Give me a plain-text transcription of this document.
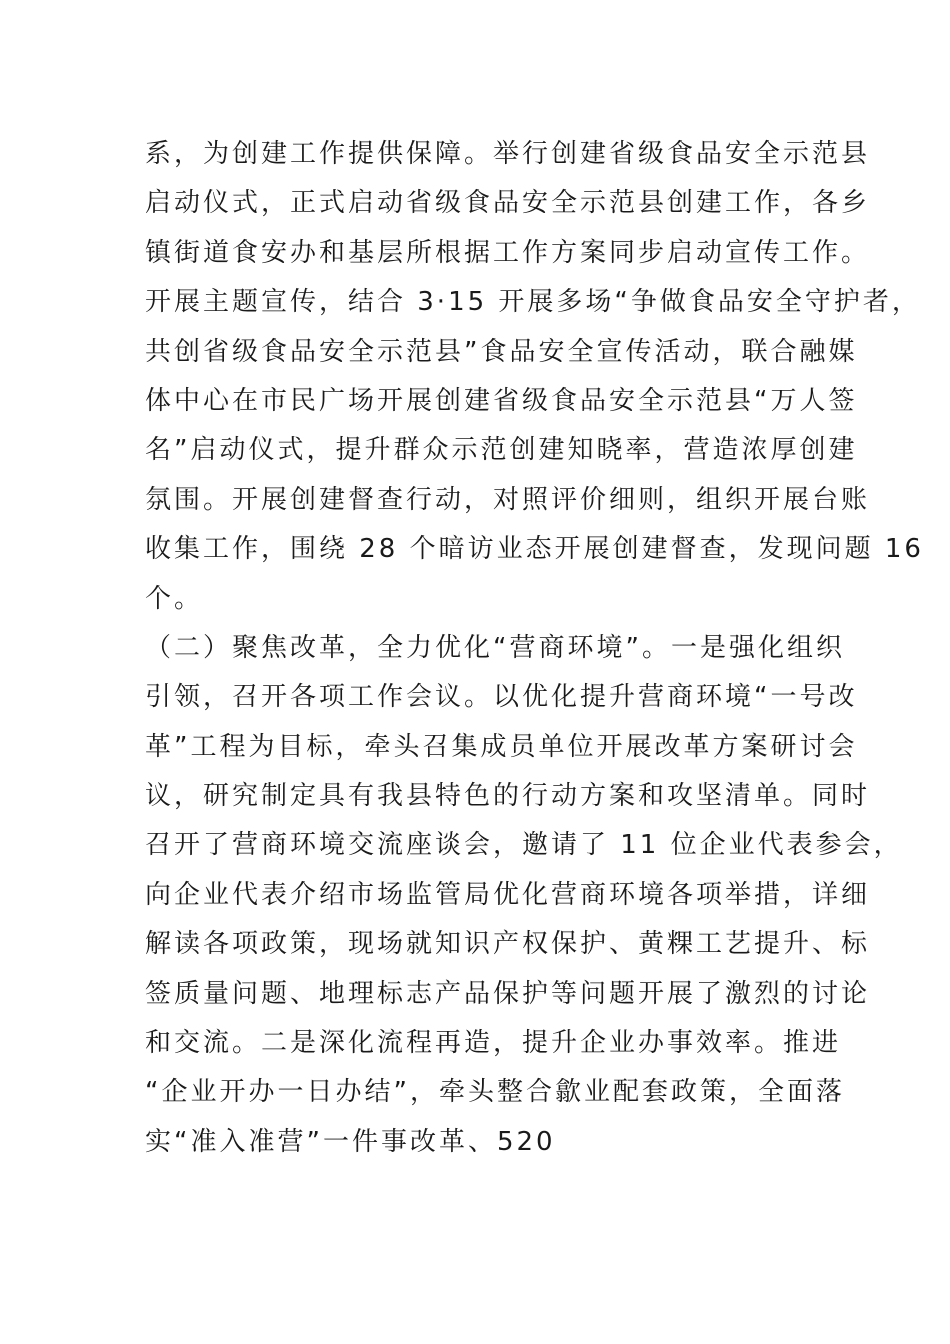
系，为创建工作提供保障。举行创建省级食品安全示范县
启动仪式，正式启动省级食品安全示范县创建工作，各乡
镇街道食安办和基层所根据工作方案同步启动宣传工作。
开展主题宣传，结合 3·15 开展多场“争做食品安全守护者，
共创省级食品安全示范县”食品安全宣传活动，联合融媒
体中心在市民广场开展创建省级食品安全示范县“万人签
名”启动仪式，提升群众示范创建知晓率，营造浓厚创建
氛围。开展创建督查行动，对照评价细则，组织开展台账
收集工作，围绕 28 个暗访业态开展创建督查，发现问题 16
个。
（二）聚焦改革，全力优化“营商环境”。一是强化组织
引领，召开各项工作会议。以优化提升营商环境“一号改
革”工程为目标，牵头召集成员单位开展改革方案研讨会
议，研究制定具有我县特色的行动方案和攻坚清单。同时
召开了营商环境交流座谈会，邀请了 11 位企业代表参会，
向企业代表介绍市场监管局优化营商环境各项举措，详细
解读各项政策，现场就知识产权保护、黄粿工艺提升、标
签质量问题、地理标志产品保护等问题开展了激烈的讨论
和交流。二是深化流程再造，提升企业办事效率。推进
“企业开办一日办结”，牵头整合歙业配套政策，全面落
实“准入准营”一件事改革、520
